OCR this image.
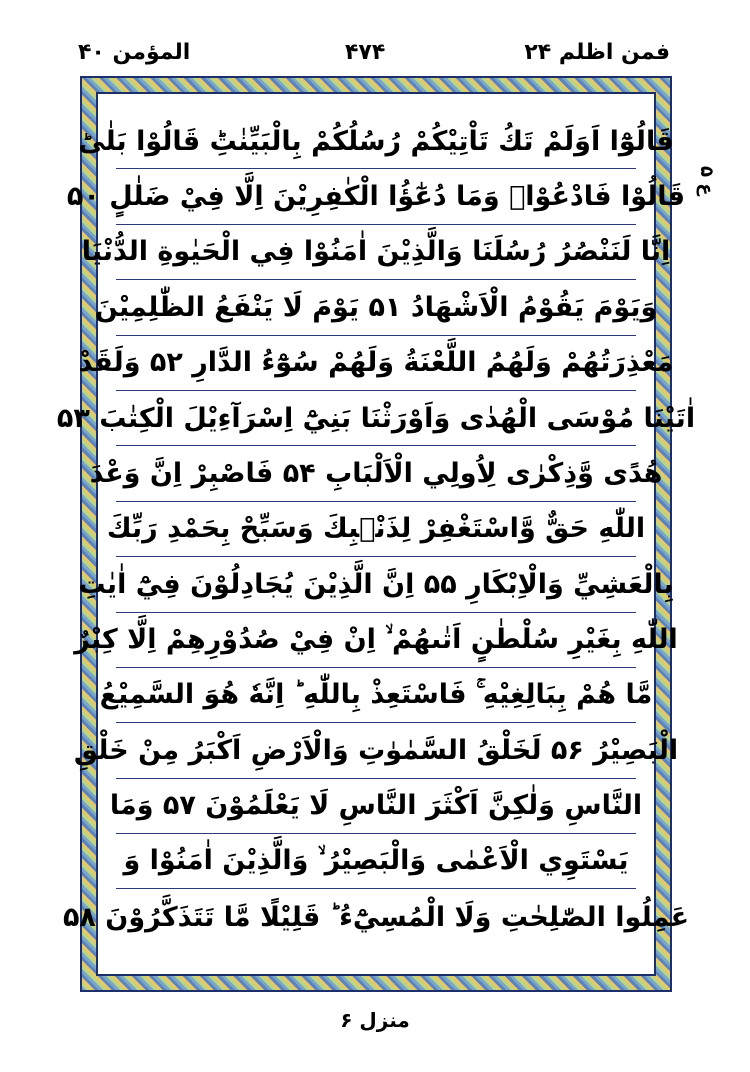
المؤمن ۴۰	۴۷۴	فمن اظلم ۲۴
ع ۵
قَالُوْٓا اَوَلَمْ تَكُ تَاْتِيْكُمْ رُسُلُكُمْ بِالْبَيِّنٰتِؕ قَالُوْا بَلٰىؕ
قَالُوْا فَادْعُوْاۚ وَمَا دُعٰٓؤُا الْكٰفِرِيْنَ اِلَّا فِيْ ضَلٰلٍ ۵۰
اِنَّا لَنَنْصُرُ رُسُلَنَا وَالَّذِيْنَ اٰمَنُوْا فِي الْحَيٰوةِ الدُّنْيَا
وَيَوْمَ يَقُوْمُ الْاَشْهَادُ ۵۱ يَوْمَ لَا يَنْفَعُ الظّٰلِمِيْنَ
مَعْذِرَتُهُمْ وَلَهُمُ اللَّعْنَةُ وَلَهُمْ سُوْٓءُ الدَّارِ ۵۲ وَلَقَدْ
اٰتَيْنَا مُوْسَى الْهُدٰى وَاَوْرَثْنَا بَنِيْٓ اِسْرَآءِيْلَ الْكِتٰبَ ۵۳
هُدًى وَّذِكْرٰى لِاُولِي الْاَلْبَابِ ۵۴ فَاصْبِرْ اِنَّ وَعْدَ
اللّٰهِ حَقٌّ وَّاسْتَغْفِرْ لِذَنْۢبِكَ وَسَبِّحْ بِحَمْدِ رَبِّكَ
بِالْعَشِيِّ وَالْاِبْكَارِ ۵۵ اِنَّ الَّذِيْنَ يُجَادِلُوْنَ فِيْٓ اٰيٰتِ
اللّٰهِ بِغَيْرِ سُلْطٰنٍ اَتٰىهُمْ ۙ اِنْ فِيْ صُدُوْرِهِمْ اِلَّا كِبْرٌ
مَّا هُمْ بِبَالِغِيْهِ ۚ فَاسْتَعِذْ بِاللّٰهِ ؕ اِنَّهٗ هُوَ السَّمِيْعُ
الْبَصِيْرُ ۵۶ لَخَلْقُ السَّمٰوٰتِ وَالْاَرْضِ اَكْبَرُ مِنْ خَلْقِ
النَّاسِ وَلٰكِنَّ اَكْثَرَ النَّاسِ لَا يَعْلَمُوْنَ ۵۷ وَمَا
يَسْتَوِي الْاَعْمٰى وَالْبَصِيْرُ ۙ وَالَّذِيْنَ اٰمَنُوْا وَ
عَمِلُوا الصّٰلِحٰتِ وَلَا الْمُسِيْٓءُ ؕ قَلِيْلًا مَّا تَتَذَكَّرُوْنَ ۵۸
منزل ۶
